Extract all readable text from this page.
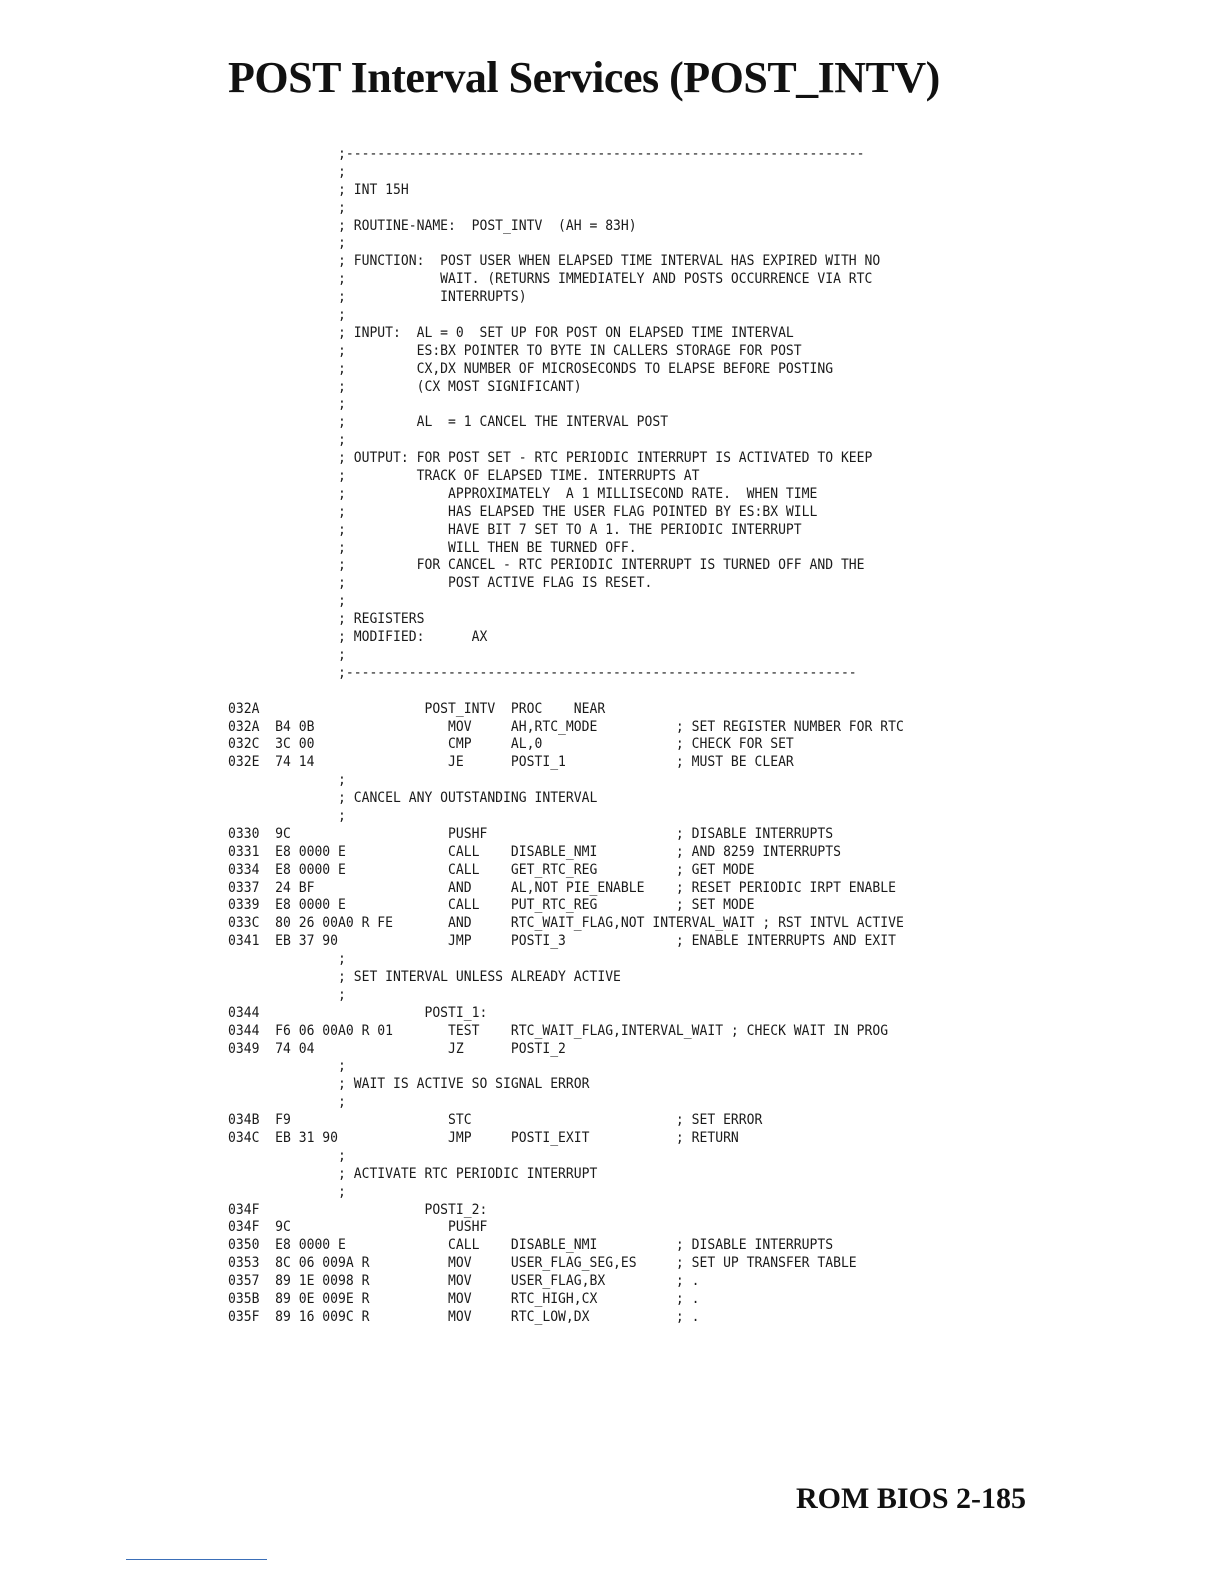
POST Interval Services (POST_INTV)
;------------------------------------------------------------------
;
; INT 15H
;
; ROUTINE-NAME:  POST_INTV  (AH = 83H)
;
; FUNCTION:  POST USER WHEN ELAPSED TIME INTERVAL HAS EXPIRED WITH NO
;            WAIT. (RETURNS IMMEDIATELY AND POSTS OCCURRENCE VIA RTC
;            INTERRUPTS)
;
; INPUT:  AL = 0  SET UP FOR POST ON ELAPSED TIME INTERVAL
;         ES:BX POINTER TO BYTE IN CALLERS STORAGE FOR POST
;         CX,DX NUMBER OF MICROSECONDS TO ELAPSE BEFORE POSTING
;         (CX MOST SIGNIFICANT)
;
;         AL  = 1 CANCEL THE INTERVAL POST
;
; OUTPUT: FOR POST SET - RTC PERIODIC INTERRUPT IS ACTIVATED TO KEEP
;         TRACK OF ELAPSED TIME. INTERRUPTS AT
;             APPROXIMATELY  A 1 MILLISECOND RATE.  WHEN TIME
;             HAS ELAPSED THE USER FLAG POINTED BY ES:BX WILL
;             HAVE BIT 7 SET TO A 1. THE PERIODIC INTERRUPT
;             WILL THEN BE TURNED OFF.
;         FOR CANCEL - RTC PERIODIC INTERRUPT IS TURNED OFF AND THE
;             POST ACTIVE FLAG IS RESET.
;
; REGISTERS
; MODIFIED:      AX
;
;-----------------------------------------------------------------
032A                     POST_INTV  PROC    NEAR
032A  B4 0B                 MOV     AH,RTC_MODE          ; SET REGISTER NUMBER FOR RTC
032C  3C 00                 CMP     AL,0                 ; CHECK FOR SET
032E  74 14                 JE      POSTI_1              ; MUST BE CLEAR
;
; CANCEL ANY OUTSTANDING INTERVAL
;
0330  9C                    PUSHF                        ; DISABLE INTERRUPTS
0331  E8 0000 E             CALL    DISABLE_NMI          ; AND 8259 INTERRUPTS
0334  E8 0000 E             CALL    GET_RTC_REG          ; GET MODE
0337  24 BF                 AND     AL,NOT PIE_ENABLE    ; RESET PERIODIC IRPT ENABLE
0339  E8 0000 E             CALL    PUT_RTC_REG          ; SET MODE
033C  80 26 00A0 R FE       AND     RTC_WAIT_FLAG,NOT INTERVAL_WAIT ; RST INTVL ACTIVE
0341  EB 37 90              JMP     POSTI_3              ; ENABLE INTERRUPTS AND EXIT
;
; SET INTERVAL UNLESS ALREADY ACTIVE
;
0344                     POSTI_1:
0344  F6 06 00A0 R 01       TEST    RTC_WAIT_FLAG,INTERVAL_WAIT ; CHECK WAIT IN PROG
0349  74 04                 JZ      POSTI_2
;
; WAIT IS ACTIVE SO SIGNAL ERROR
;
034B  F9                    STC                          ; SET ERROR
034C  EB 31 90              JMP     POSTI_EXIT           ; RETURN
;
; ACTIVATE RTC PERIODIC INTERRUPT
;
034F                     POSTI_2:
034F  9C                    PUSHF
0350  E8 0000 E             CALL    DISABLE_NMI          ; DISABLE INTERRUPTS
0353  8C 06 009A R          MOV     USER_FLAG_SEG,ES     ; SET UP TRANSFER TABLE
0357  89 1E 0098 R          MOV     USER_FLAG,BX         ; .
035B  89 0E 009E R          MOV     RTC_HIGH,CX          ; .
035F  89 16 009C R          MOV     RTC_LOW,DX           ; .
ROM BIOS 2-185
